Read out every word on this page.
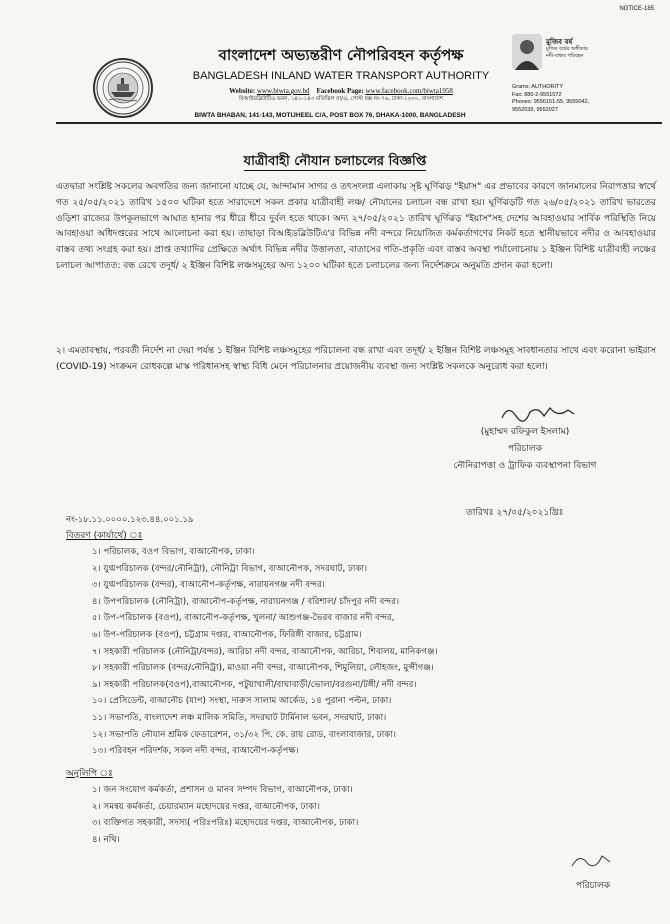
NOTICE-185
বাংলাদেশ অভ্যন্তরীণ নৌপরিবহন কর্তৃপক্ষ
BANGLADESH INLAND WATER TRANSPORT AUTHORITY
Website: www.biwta.gov.bd Facebook Page: www.facebook.com/biwta1958
বিআইডব্লিউটিএ ভবন, ১৪১-১৪৩ মতিঝিল বা/এ, পোস্ট বক্স নং-৭৬, ঢাকা-১০০০, বাংলাদেশ
মুজিব বর্ষ
মুজিব বর্ষের অঙ্গীকার
নদী-বান্ধব পরিবহন
Grams: AUTHORITY
Fax: 880-2-9551072
Phones: 9556151-55, 9555042,
9552039, 9552027
BIWTA BHABAN, 141-143, MOTIJHEEL C/A, POST BOX 76, DHAKA-1000, BANGLADESH
যাত্রীবাহী নৌযান চলাচলের বিজ্ঞপ্তি
এতদ্বারা সংশ্লিষ্ট সকলের অবগতির জন্য জানানো যাচ্ছে যে, আন্দামান সাগর ও তৎসংলগ্ন এলাকায় সৃষ্ট ঘূর্ণিঝড় "ইয়াস" এর প্রভাবের কারণে জানমালের নিরাপত্তার স্বার্থে গত ২৫/০৫/২০২১ তারিখ ১৫০০ ঘটিকা হতে সারাদেশে সকল প্রকার যাত্রীবাহী লঞ্চ/ নৌযানের চলাচল বন্ধ রাখা হয়। ঘূর্ণিঝড়টি গত ২৬/০৫/২০২১ তারিখ ভারতের ওড়িশা রাজ্যের উপকূলভাগে আঘাত হানার পর ধীরে ধীরে দুর্বল হতে থাকে। অদ্য ২৭/০৫/২০২১ তারিখ ঘূর্ণিঝড় "ইয়াস"সহ দেশের আবহাওয়ার সার্বিক পরিস্থিতি নিয়ে আবহাওয়া অধিদপ্তরের সাথে আলোচনা করা হয়। তাছাড়া বিআইডব্লিউটিএ'র বিভিন্ন নদী বন্দরে নিয়োজিত কর্মকর্তাগণের নিকট হতে স্থানীয়ভাবে নদীর ও আবহাওয়ার বাস্তব তথ্য সংগ্রহ করা হয়। প্রাপ্ত তথ্যাদির প্রেক্ষিতে অর্থাৎ বিভিন্ন নদীর উত্তালতা, বাতাসের গতি-প্রকৃতি এবং বাস্তব অবস্থা পর্যালোচনায় ১ ইঞ্জিন বিশিষ্ট যাত্রীবাহী লঞ্চের চলাচল আপাতত: বন্ধ রেখে তদূর্ধ/ ২ ইঞ্জিন বিশিষ্ট লঞ্চসমূহের অদ্য ১২০০ ঘটিকা হতে চলাচলের জন্য নির্দেশক্রমে অনুমতি প্রদান করা হলো।
২। এমতাবস্থায়, পরবর্তী নির্দেশ না দেয়া পর্যন্ত ১ ইঞ্জিন বিশিষ্ট লঞ্চসমূহের পরিচালনা বন্ধ রাখা এবং তদূর্ধ/ ২ ইঞ্জিন বিশিষ্ট লঞ্চসমূহ সাবধানতার সাথে এবং করোনা ভাইরাস (COVID-19) সংক্রমন রোধকল্পে মাস্ক পরিধানসহ স্বাস্থ্য বিধি মেনে পরিচালনার প্রয়োজনীয় ব্যবস্থা জন্য সংশ্লিষ্ট সকলকে অনুরোধ করা হলো।
(মুহাম্মদ রফিকুল ইসলাম)
পরিচালক
নৌনিরাপত্তা ও ট্রাফিক ব্যবস্থাপনা বিভাগ
নং-১৮.১১.০০০০.১২৩.৪৪.০০১.১৯
তারিখঃ ২৭/০৫/২০২১খ্রিঃ
বিতরণ (কার্যার্থে) ঃ
১। পরিচালক, বওপ বিভাগ, বাআনৌপক, ঢাকা।
২। যুগ্মপরিচালক (বন্দর/নৌনিট্রা), নৌনিট্রা বিভাগ, বাআনৌপক, সদরঘাট, ঢাকা।
৩। যুগ্মপরিচালক (বন্দর), বাআনৌপ-কর্তৃপক্ষ, নারায়নগঞ্জ নদী বন্দর।
৪। উপপরিচালক (নৌনিট্রা), বাআনৌপ-কর্তৃপক্ষ, নারায়নগঞ্জ / বরিশাল/ চাঁদপুর নদী বন্দর।
৫। উপ-পরিচালক (বওপ), বাআনৌপ-কর্তৃপক্ষ, খুলনা/ আশুগঞ্জ-ভৈরব বাজার নদী বন্দর,
৬। উপ-পরিচালক (বওপ), চট্টগ্রাম দপ্তর, বাআনৌপক, ফিরিঙ্গী বাজার, চট্টগ্রাম।
৭। সহকারী পরিচালক (নৌনিট্রা/বন্দর), আরিচা নদী বন্দর, বাআনৌপক, আরিচা, শিবালয়, মানিকগঞ্জ।
৮। সহকারী পরিচালক (বন্দর/নৌনিট্রা), মাওয়া নদী বন্দর, বাআনৌপক, শিমুলিয়া, লৌহজং, মুন্সীগঞ্জ।
৯। সহকারী পরিচালক(বওপ),বাআনৌপক, পটুয়াখালী/বাঘাবাড়ী/ভোলা/বরগুনা/টঙ্গী/ নদী বন্দর।
১০। প্রেসিডেন্ট, বাআনৌচ (যাপ) সংস্থা, দারুস সালাম আর্কেড, ১৪ পুরানা পল্টন, ঢাকা।
১১। সভাপতি, বাংলাদেশ লঞ্চ মালিক সমিতি, সদরঘাট টার্মিনাল ভবন, সদরঘাট, ঢাকা।
১২। সভাপতি নৌযান শ্রমিক ফেডারেশন, ৩১/৩২ পি. কে. রায় রোড, বাংলাবাজার, ঢাকা।
১৩। পরিবহন পরিদর্শক, সকল নদী বন্দর, বাআনৌপ-কর্তৃপক্ষ।
অনুলিপি ঃ
১। জন সংযোগ কর্মকর্তা, প্রশাসন ও মানব সম্পদ বিভাগ, বাআনৌপক, ঢাকা।
২। সমন্বয় কর্মকর্তা, চেয়ারম্যান মহোদয়ের দপ্তর, বাআনৌপক, ঢাকা।
৩। ব্যক্তিগত সহকারী, সদস্য( পরিঃপরিঃ) মহোদয়ের দপ্তর, বাআনৌপক, ঢাকা।
৪। নথি।
পরিচালক
